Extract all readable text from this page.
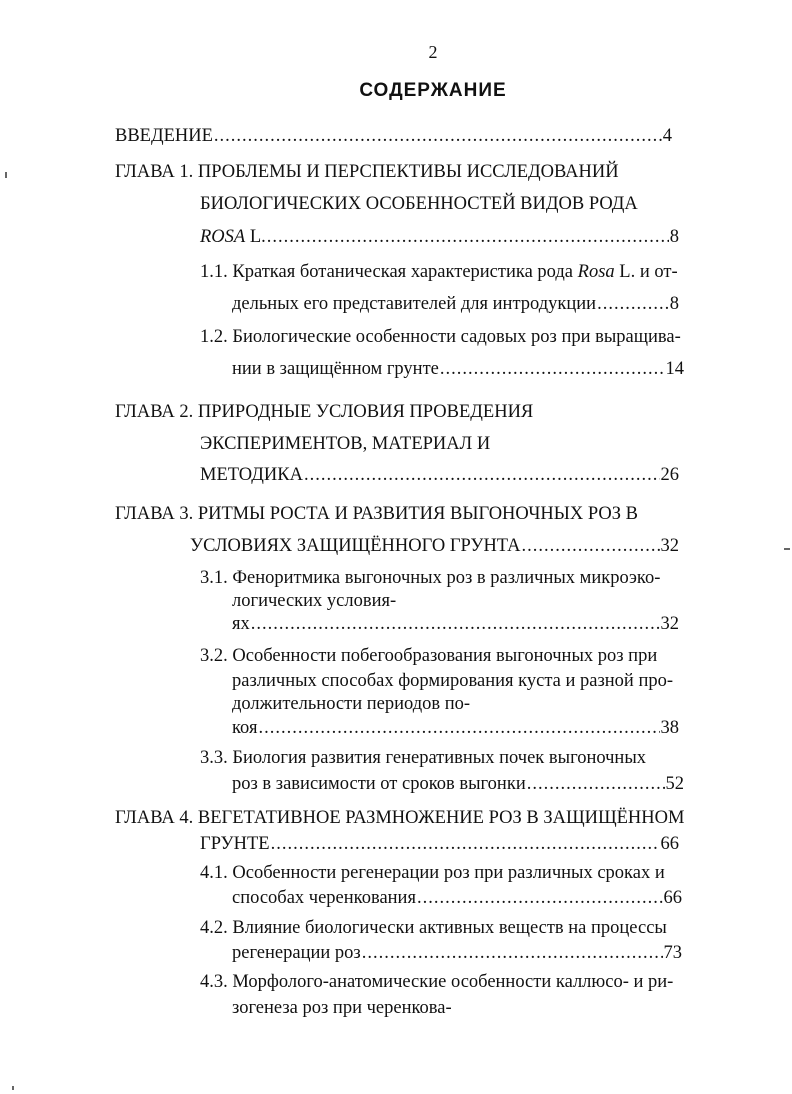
2
СОДЕРЖАНИЕ
ВВЕДЕНИЕ .....	4
ГЛАВА 1. ПРОБЛЕМЫ И ПЕРСПЕКТИВЫ ИССЛЕДОВАНИЙ
БИОЛОГИЧЕСКИХ ОСОБЕННОСТЕЙ ВИДОВ РОДА
ROSA L. .....	8
1.1. Краткая ботаническая характеристика рода Rosa L. и от-
дельных его представителей для интродукции .....	8
1.2. Биологические особенности садовых роз при выращива-
нии в защищённом грунте .....	14
ГЛАВА 2. ПРИРОДНЫЕ УСЛОВИЯ ПРОВЕДЕНИЯ
ЭКСПЕРИМЕНТОВ, МАТЕРИАЛ И
МЕТОДИКА .....	26
ГЛАВА 3. РИТМЫ РОСТА И РАЗВИТИЯ ВЫГОНОЧНЫХ РОЗ В
УСЛОВИЯХ ЗАЩИЩЁННОГО ГРУНТА .....	32
3.1. Феноритмика выгоночных роз в различных микроэко-
логических условия-
ях .....	32
3.2. Особенности побегообразования выгоночных роз при
различных способах формирования куста и разной про-
должительности периодов по-
коя .....	38
3.3. Биология развития генеративных почек выгоночных
роз в зависимости от сроков выгонки .....	52
ГЛАВА 4. ВЕГЕТАТИВНОЕ РАЗМНОЖЕНИЕ РОЗ В ЗАЩИЩЁННОМ
ГРУНТЕ .....	66
4.1. Особенности регенерации роз при различных сроках и
способах черенкования .....	66
4.2. Влияние биологически активных веществ на процессы
регенерации роз .....	73
4.3. Морфолого-анатомические особенности каллюсо- и ри-
зогенеза роз при черенкова-
